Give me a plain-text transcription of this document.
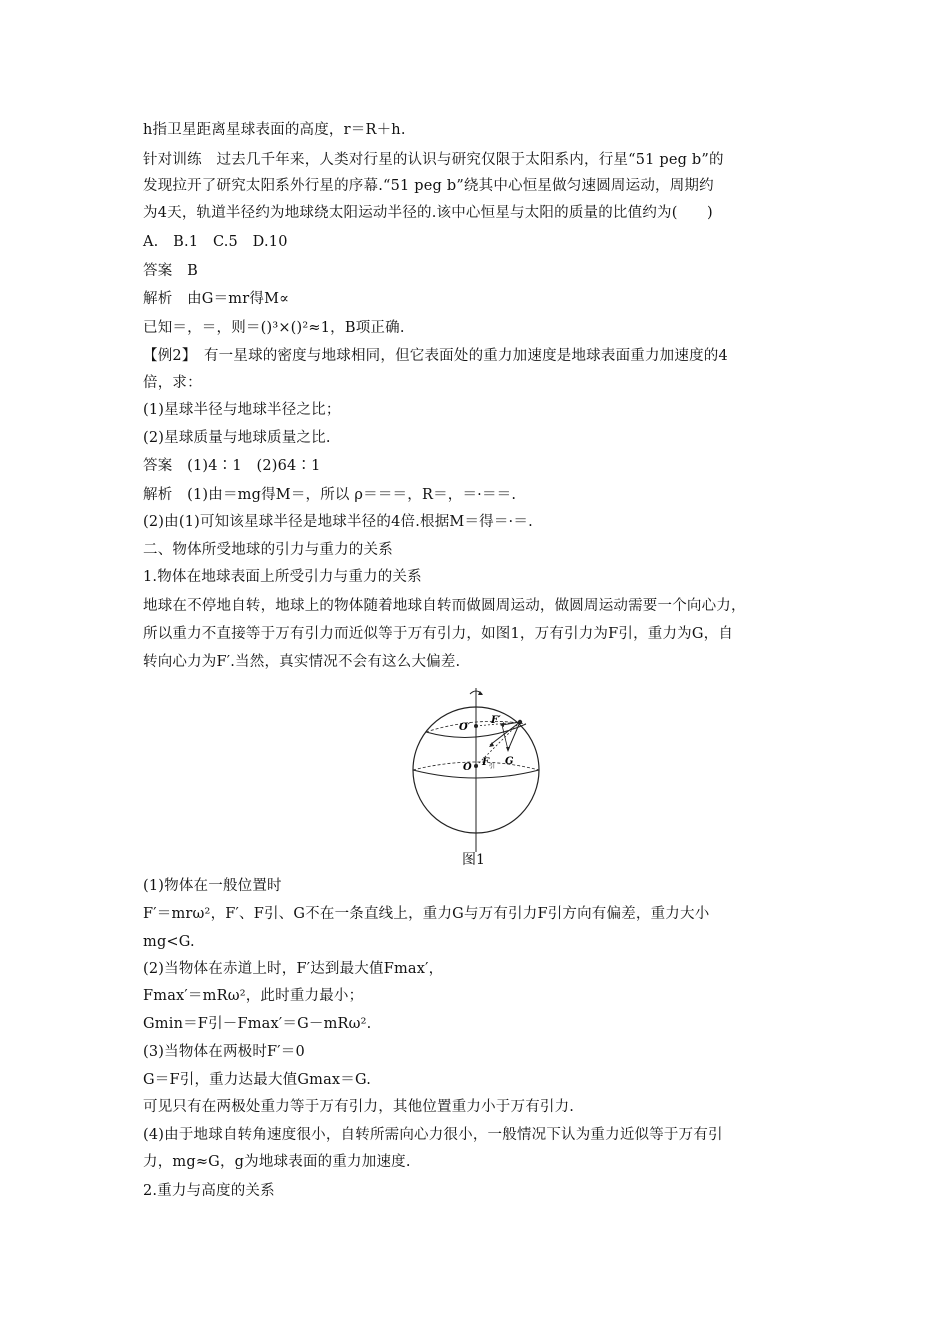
h指卫星距离星球表面的高度，r＝R＋h.
针对训练　过去几千年来，人类对行星的认识与研究仅限于太阳系内，行星“51 peg b”的
发现拉开了研究太阳系外行星的序幕.“51 peg b”绕其中心恒星做匀速圆周运动，周期约
为4天，轨道半径约为地球绕太阳运动半径的.该中心恒星与太阳的质量的比值约为(　　)
A.　B.1　C.5　D.10
答案　B
解析　由G＝mr得M∝
已知＝，＝，则＝()³×()²≈1，B项正确.
【例2】　有一星球的密度与地球相同，但它表面处的重力加速度是地球表面重力加速度的4
倍，求：
(1)星球半径与地球半径之比；
(2)星球质量与地球质量之比.
答案　(1)4∶1　(2)64∶1
解析　(1)由＝mg得M＝，所以 ρ＝＝＝，R＝，＝·＝＝.
(2)由(1)可知该星球半径是地球半径的4倍.根据M＝得＝·＝.
二、物体所受地球的引力与重力的关系
1.物体在地球表面上所受引力与重力的关系
地球在不停地自转，地球上的物体随着地球自转而做圆周运动，做圆周运动需要一个向心力，
所以重力不直接等于万有引力而近似等于万有引力，如图1，万有引力为F引，重力为G，自
转向心力为F′.当然，真实情况不会有这么大偏差.
O′
O
F′
F 引 G
图1
(1)物体在一般位置时
F′＝mrω²，F′、F引、G不在一条直线上，重力G与万有引力F引方向有偏差，重力大小
mg<G.
(2)当物体在赤道上时，F′达到最大值Fmax′，
Fmax′＝mRω²，此时重力最小；
Gmin＝F引－Fmax′＝G－mRω².
(3)当物体在两极时F′＝0
G＝F引，重力达最大值Gmax＝G.
可见只有在两极处重力等于万有引力，其他位置重力小于万有引力.
(4)由于地球自转角速度很小，自转所需向心力很小，一般情况下认为重力近似等于万有引
力，mg≈G，g为地球表面的重力加速度.
2.重力与高度的关系
